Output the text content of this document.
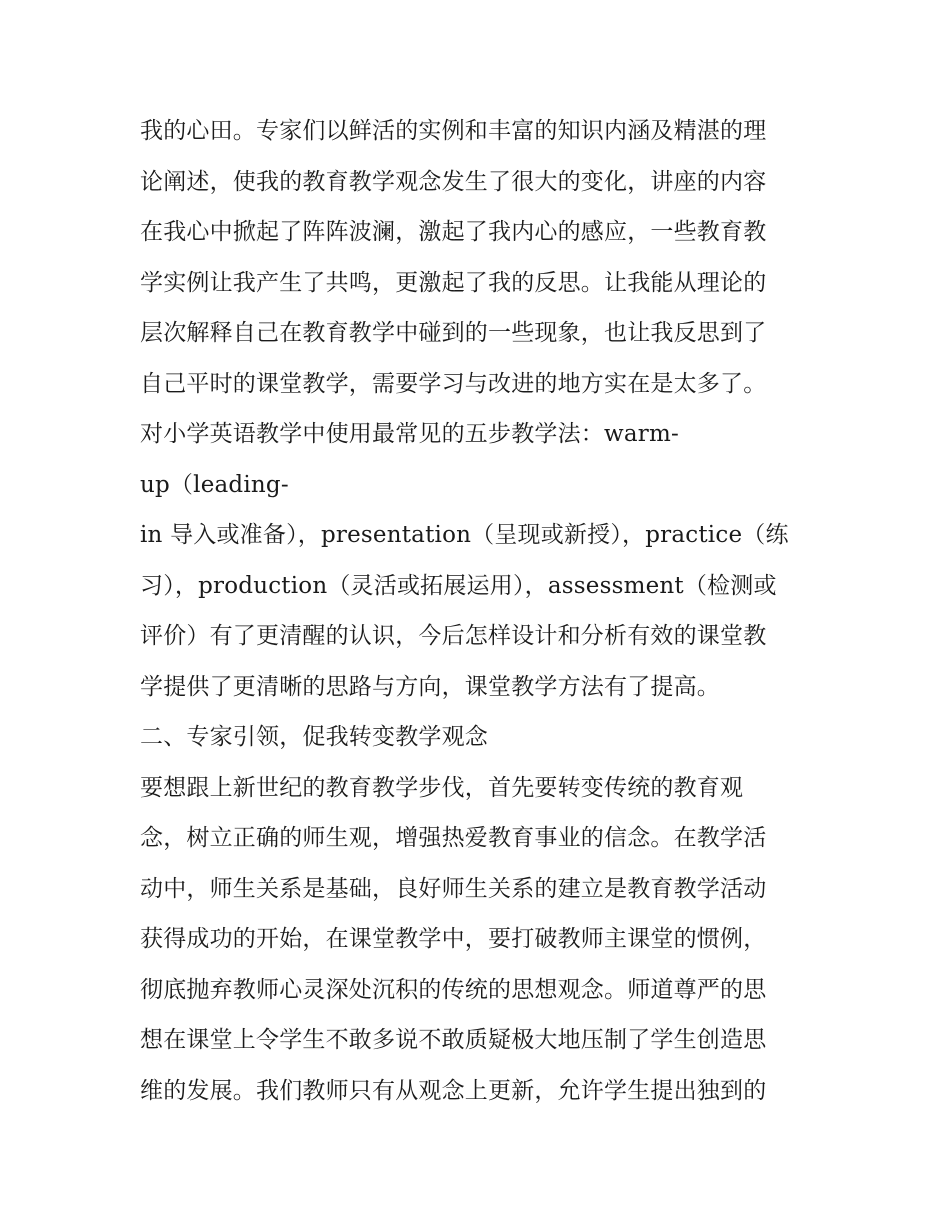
我的心田。专家们以鲜活的实例和丰富的知识内涵及精湛的理
论阐述，使我的教育教学观念发生了很大的变化，讲座的内容
在我心中掀起了阵阵波澜，激起了我内心的感应，一些教育教
学实例让我产生了共鸣，更激起了我的反思。让我能从理论的
层次解释自己在教育教学中碰到的一些现象，也让我反思到了
自己平时的课堂教学，需要学习与改进的地方实在是太多了。
对小学英语教学中使用最常见的五步教学法：warm-
up（leading-
in 导入或准备），presentation（呈现或新授），practice（练
习），production（灵活或拓展运用），assessment（检测或
评价）有了更清醒的认识，今后怎样设计和分析有效的课堂教
学提供了更清晰的思路与方向，课堂教学方法有了提高。
二、专家引领，促我转变教学观念
要想跟上新世纪的教育教学步伐，首先要转变传统的教育观
念，树立正确的师生观，增强热爱教育事业的信念。在教学活
动中，师生关系是基础，良好师生关系的建立是教育教学活动
获得成功的开始，在课堂教学中，要打破教师主课堂的惯例，
彻底抛弃教师心灵深处沉积的传统的思想观念。师道尊严的思
想在课堂上令学生不敢多说不敢质疑极大地压制了学生创造思
维的发展。我们教师只有从观念上更新，允许学生提出独到的
